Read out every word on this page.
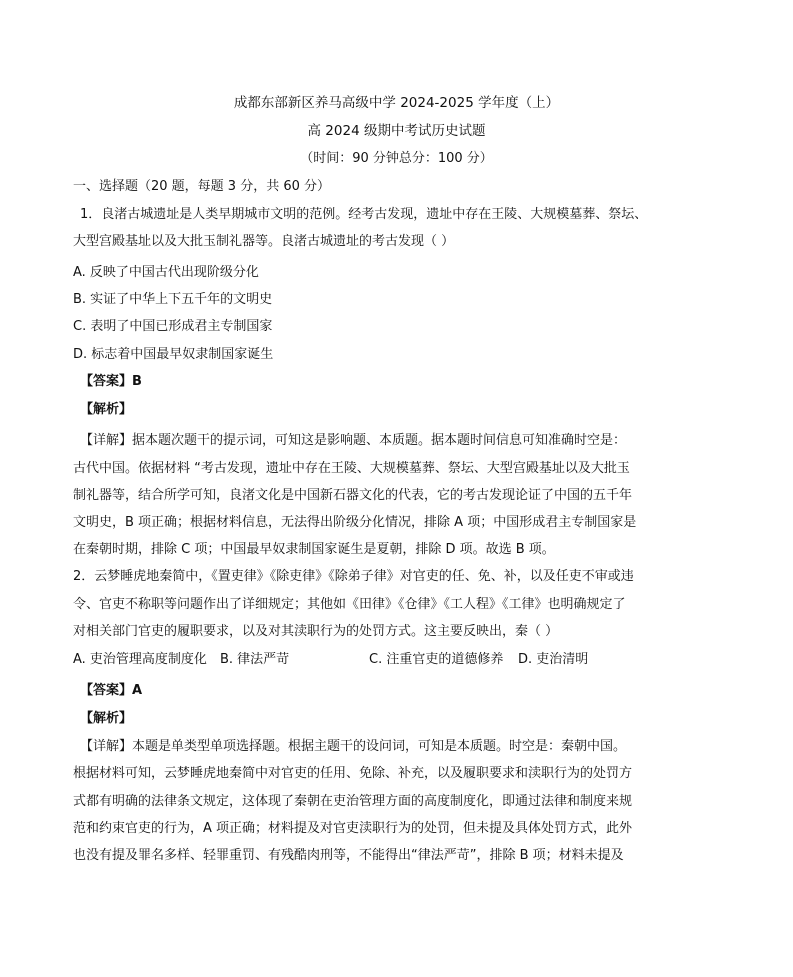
成都东部新区养马高级中学 2024-2025 学年度（上）
高 2024 级期中考试历史试题
（时间：90 分钟总分：100 分）
一、选择题（20 题，每题 3 分，共 60 分）
1．良渚古城遗址是人类早期城市文明的范例。经考古发现，遗址中存在王陵、大规模墓葬、祭坛、
大型宫殿基址以及大批玉制礼器等。良渚古城遗址的考古发现（ ）
A. 反映了中国古代出现阶级分化
B. 实证了中华上下五千年的文明史
C. 表明了中国已形成君主专制国家
D. 标志着中国最早奴隶制国家诞生
【答案】B
【解析】
【详解】据本题次题干的提示词，可知这是影响题、本质题。据本题时间信息可知准确时空是：
古代中国。依据材料 “考古发现，遗址中存在王陵、大规模墓葬、祭坛、大型宫殿基址以及大批玉
制礼器等，结合所学可知，良渚文化是中国新石器文化的代表，它的考古发现论证了中国的五千年
文明史，B 项正确；根据材料信息，无法得出阶级分化情况，排除 A 项；中国形成君主专制国家是
在秦朝时期，排除 C 项；中国最早奴隶制国家诞生是夏朝，排除 D 项。故选 B 项。
2．云梦睡虎地秦简中，《置吏律》《除吏律》《除弟子律》对官吏的任、免、补，以及任吏不审或违
令、官吏不称职等问题作出了详细规定；其他如《田律》《仓律》《工人程》《工律》也明确规定了
对相关部门官吏的履职要求，以及对其渎职行为的处罚方式。这主要反映出，秦（ ）
A. 吏治管理高度制度化 B. 律法严苛	C. 注重官吏的道德修养 D. 吏治清明
【答案】A
【解析】
【详解】本题是单类型单项选择题。根据主题干的设问词，可知是本质题。时空是：秦朝中国。
根据材料可知，云梦睡虎地秦简中对官吏的任用、免除、补充，以及履职要求和渎职行为的处罚方
式都有明确的法律条文规定，这体现了秦朝在吏治管理方面的高度制度化，即通过法律和制度来规
范和约束官吏的行为，A 项正确；材料提及对官吏渎职行为的处罚，但未提及具体处罚方式，此外
也没有提及罪名多样、轻罪重罚、有残酷肉刑等，不能得出“律法严苛”，排除 B 项；材料未提及
